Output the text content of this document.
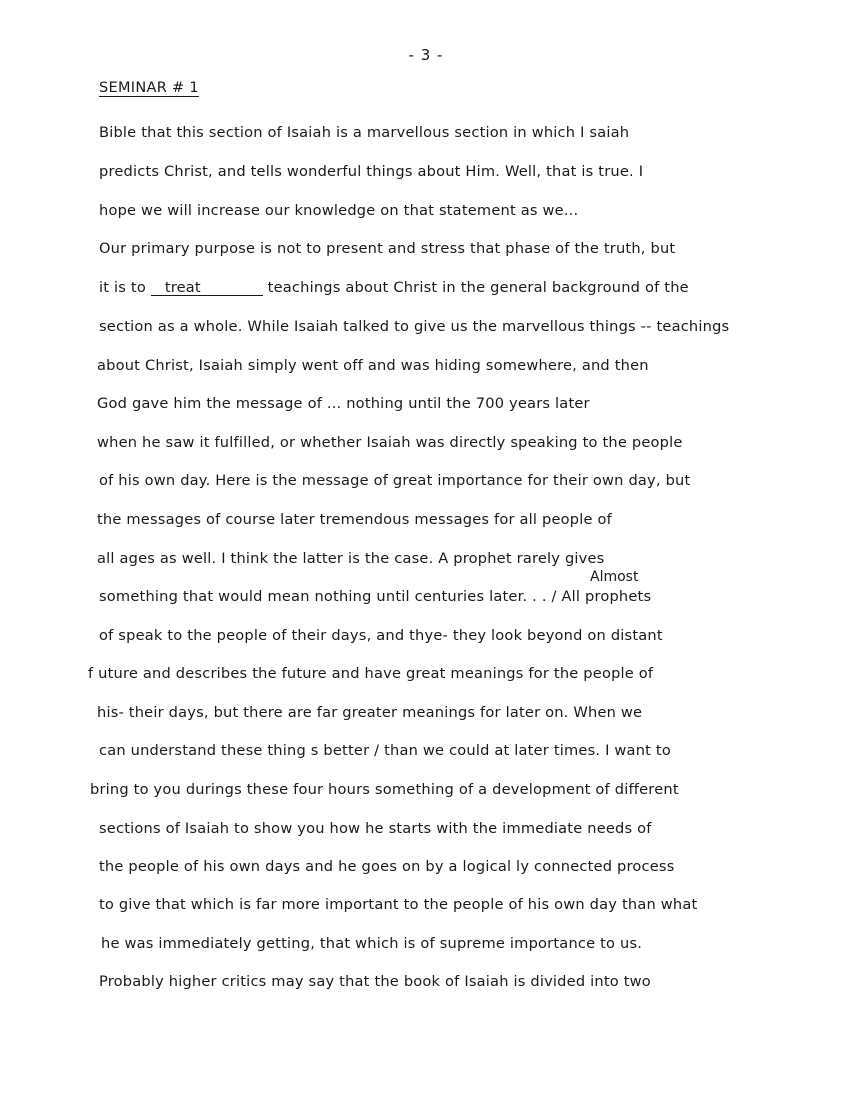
- 3 -
SEMINAR # 1
Bible that this section of Isaiah is a marvellous section in which I saiah
predicts Christ, and tells wonderful things about Him. Well, that is true. I
hope we will increase our knowledge on that statement as we...
Our primary purpose is not to present and stress that phase of the truth, but
it is to treat	teachings about Christ in the general background of the
section as a whole. While Isaiah talked to give us the marvellous things -- teachings
about Christ, Isaiah simply went off and was hiding somewhere, and then
God gave him the message of ... nothing until the 700 years later
when he saw it fulfilled, or whether Isaiah was directly speaking to the people
of his own day. Here is the message of great importance for their own day, but
the messages of course later tremendous messages for all people of
all ages as well. I think the latter is the case. A prophet rarely gives
Almost
something that would mean nothing until centuries later. . . / All prophets
of speak to the people of their days, and thye- they look beyond on distant
f uture and describes the future and have great meanings for the people of
his- their days, but there are far greater meanings for later on. When we
can understand these thing s better / than we could at later times. I want to
bring to you durings these four hours something of a development of different
sections of Isaiah to show you how he starts with the immediate needs of
the people of his own days and he goes on by a logical ly connected process
to give that which is far more important to the people of his own day than what
he was immediately getting, that which is of supreme importance to us.
Probably higher critics may say that the book of Isaiah is divided into two
